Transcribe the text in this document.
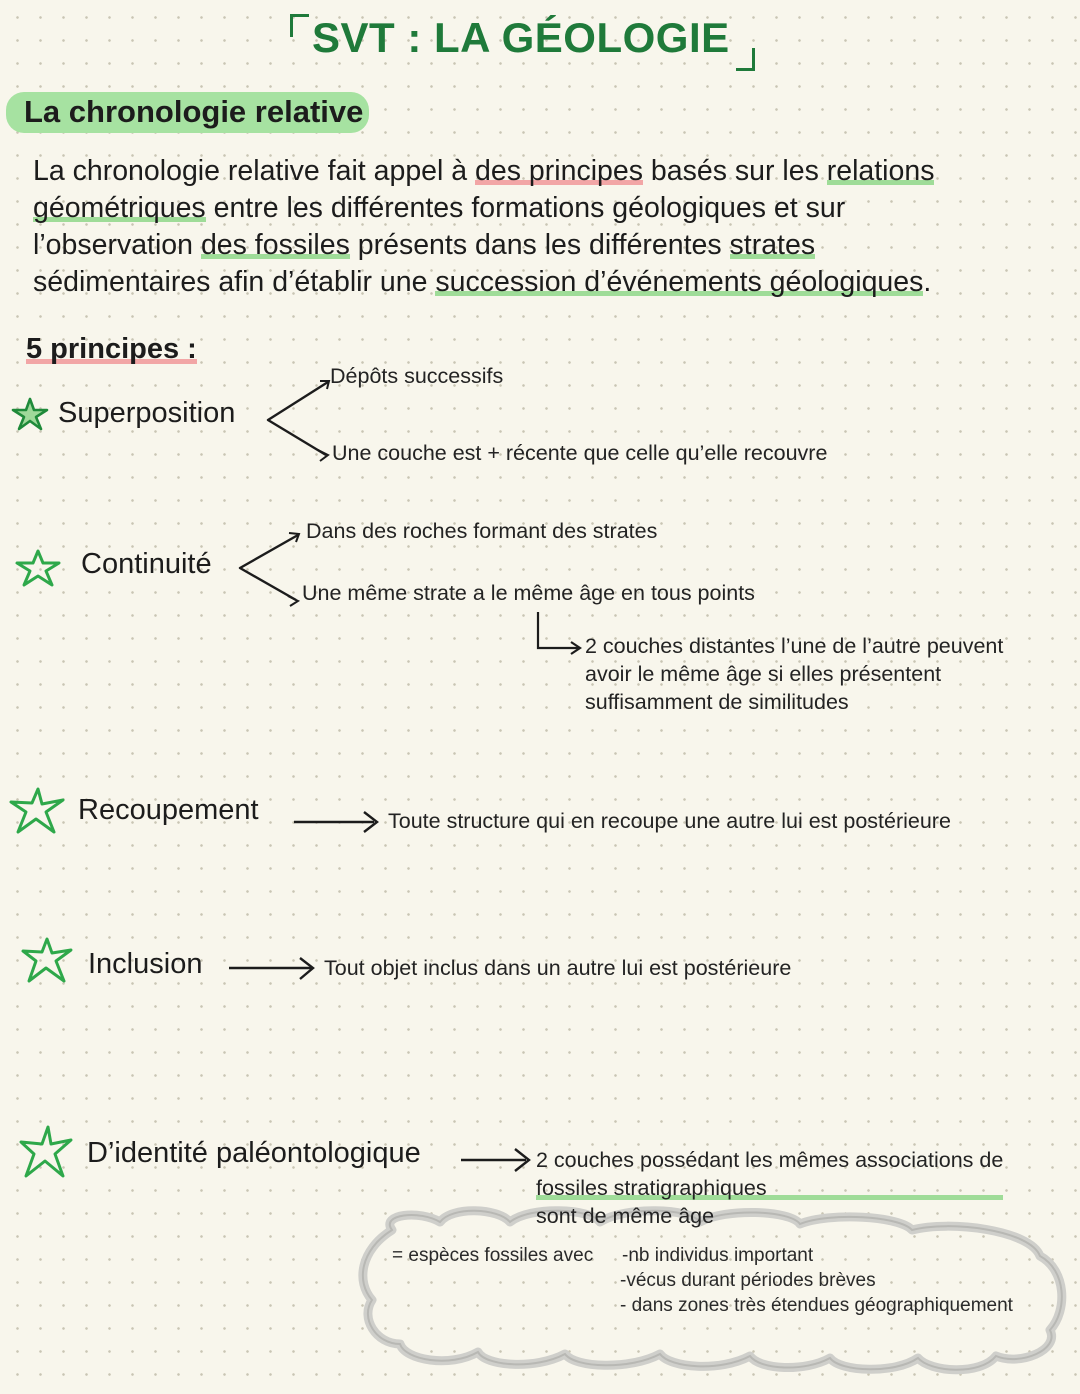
SVT : LA GÉOLOGIE
La chronologie relative
La chronologie relative fait appel à des principes basés sur les relations
géométriques entre les différentes formations géologiques et sur
l’observation des fossiles présents dans les différentes strates
sédimentaires afin d’établir une succession d’événements géologiques.
5 principes :
Superposition
Dépôts successifs
Une couche est + récente que celle qu’elle recouvre
Continuité
Dans des roches formant des strates
Une même strate a le même âge en tous points
2 couches distantes l’une de l’autre peuvent
avoir le même âge si elles présentent
suffisamment de similitudes
Recoupement	Toute structure qui en recoupe une autre lui est postérieure
Inclusion	Tout objet inclus dans un autre lui est postérieure
D’identité paléontologique	2 couches possédant les mêmes associations de
fossiles stratigraphiques
sont de même âge
= espèces fossiles avec -nb individus important
-vécus durant périodes brèves
- dans zones très étendues géographiquement
